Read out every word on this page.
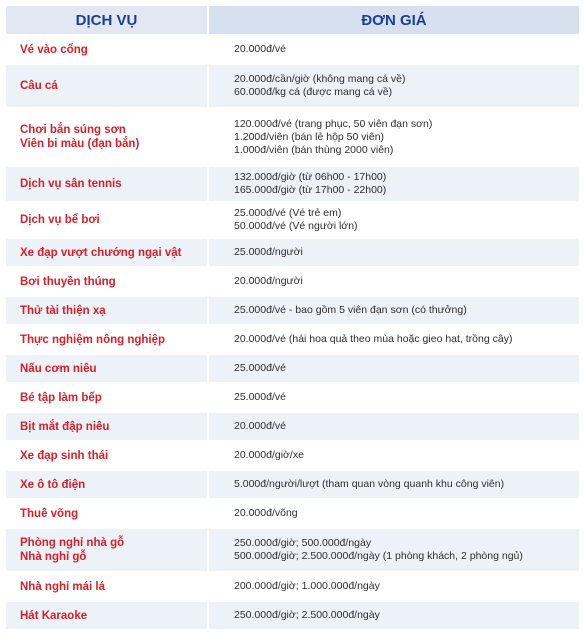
DỊCH VỤ	ĐƠN GIÁ

Vé vào cổng	20.000đ/vé

Câu cá	20.000đ/cần/giờ (không mang cá về)
60.000đ/kg cá (được mang cá về)

Chơi bắn súng sơn
Viên bi màu (đạn bắn)	120.000đ/vé (trang phục, 50 viên đạn sơn)
1.200đ/viên (bán lẻ hộp 50 viên)
1.000đ/viên (bán thùng 2000 viên)

Dịch vụ sân tennis	132.000đ/giờ (từ 06h00 - 17h00)
165.000đ/giờ (từ 17h00 - 22h00)

Dịch vụ bể bơi	25.000đ/vé (Vé trẻ em)
50.000đ/vé (Vé người lớn)

Xe đạp vượt chướng ngại vật	25.000đ/người

Bơi thuyền thúng	20.000đ/người

Thử tài thiện xạ	25.000đ/vé - bao gồm 5 viên đạn sơn (có thưởng)

Thực nghiệm nông nghiệp	20.000đ/vé (hái hoa quả theo mùa hoặc gieo hạt, trồng cây)

Nấu cơm niêu	25.000đ/vé

Bé tập làm bếp	25.000đ/vé

Bịt mắt đập niêu	20.000đ/vé

Xe đạp sinh thái	20.000đ/giờ/xe

Xe ô tô điện	5.000đ/người/lượt (tham quan vòng quanh khu công viên)

Thuê võng	20.000đ/võng

Phòng nghỉ nhà gỗ
Nhà nghỉ gỗ	250.000đ/giờ; 500.000đ/ngày
500.000đ/giờ; 2.500.000đ/ngày (1 phòng khách, 2 phòng ngủ)

Nhà nghỉ mái lá	200.000đ/giờ; 1.000.000đ/ngày

Hát Karaoke	250.000đ/giờ; 2.500.000đ/ngày
